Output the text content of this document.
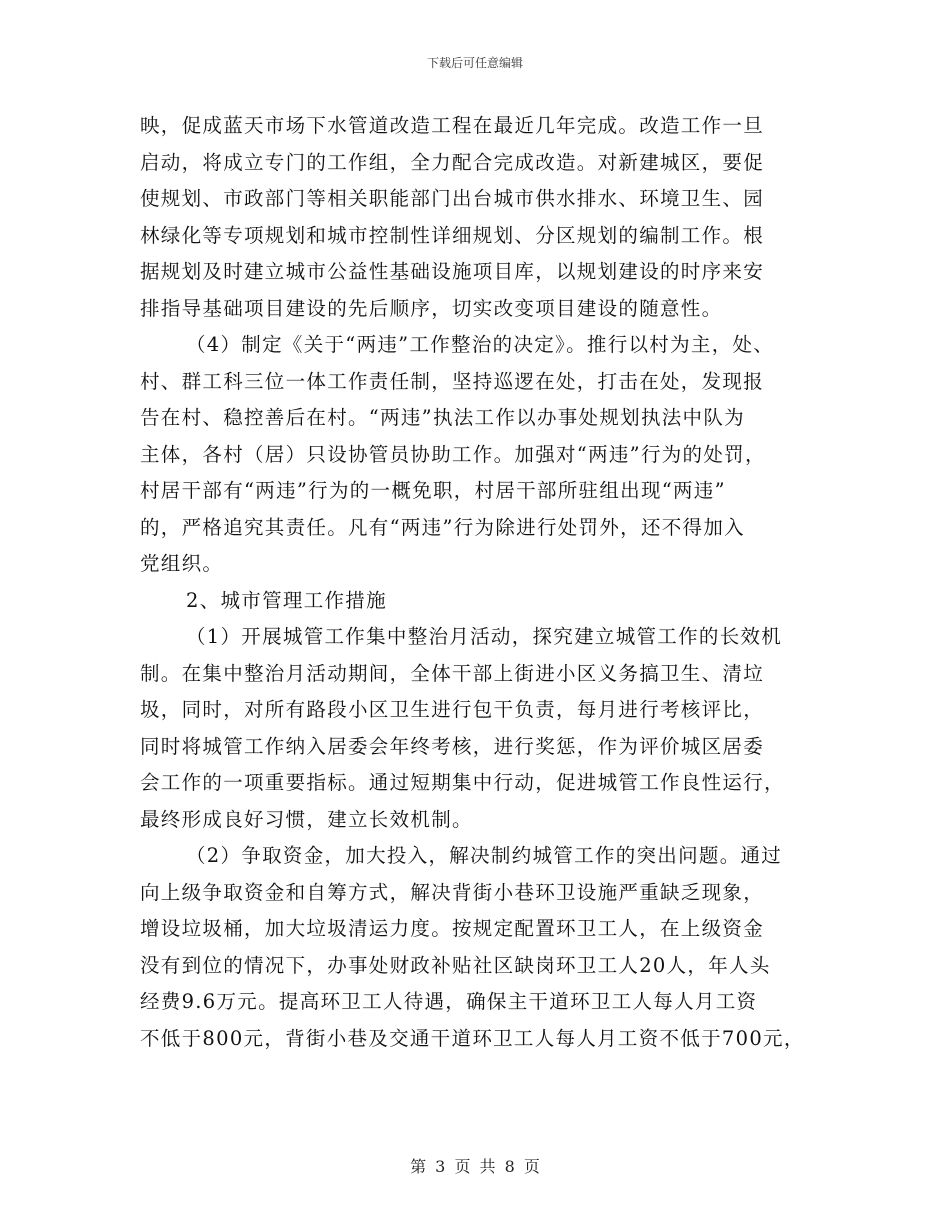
下载后可任意编辑
映，促成蓝天市场下水管道改造工程在最近几年完成。改造工作一旦
启动，将成立专门的工作组，全力配合完成改造。对新建城区，要促
使规划、市政部门等相关职能部门出台城市供水排水、环境卫生、园
林绿化等专项规划和城市控制性详细规划、分区规划的编制工作。根
据规划及时建立城市公益性基础设施项目库，以规划建设的时序来安
排指导基础项目建设的先后顺序，切实改变项目建设的随意性。
（4）制定《关于“两违”工作整治的决定》。推行以村为主，处、
村、群工科三位一体工作责任制，坚持巡逻在处，打击在处，发现报
告在村、稳控善后在村。“两违”执法工作以办事处规划执法中队为
主体，各村（居）只设协管员协助工作。加强对“两违”行为的处罚，
村居干部有“两违”行为的一概免职，村居干部所驻组出现“两违”
的，严格追究其责任。凡有“两违”行为除进行处罚外，还不得加入
党组织。
2、城市管理工作措施
（1）开展城管工作集中整治月活动，探究建立城管工作的长效机
制。在集中整治月活动期间，全体干部上街进小区义务搞卫生、清垃
圾，同时，对所有路段小区卫生进行包干负责，每月进行考核评比，
同时将城管工作纳入居委会年终考核，进行奖惩，作为评价城区居委
会工作的一项重要指标。通过短期集中行动，促进城管工作良性运行，
最终形成良好习惯，建立长效机制。
（2）争取资金，加大投入，解决制约城管工作的突出问题。通过
向上级争取资金和自筹方式，解决背街小巷环卫设施严重缺乏现象，
增设垃圾桶，加大垃圾清运力度。按规定配置环卫工人，在上级资金
没有到位的情况下，办事处财政补贴社区缺岗环卫工人20人，年人头
经费9.6万元。提高环卫工人待遇，确保主干道环卫工人每人月工资
不低于800元，背街小巷及交通干道环卫工人每人月工资不低于700元，
第 3 页 共 8 页
